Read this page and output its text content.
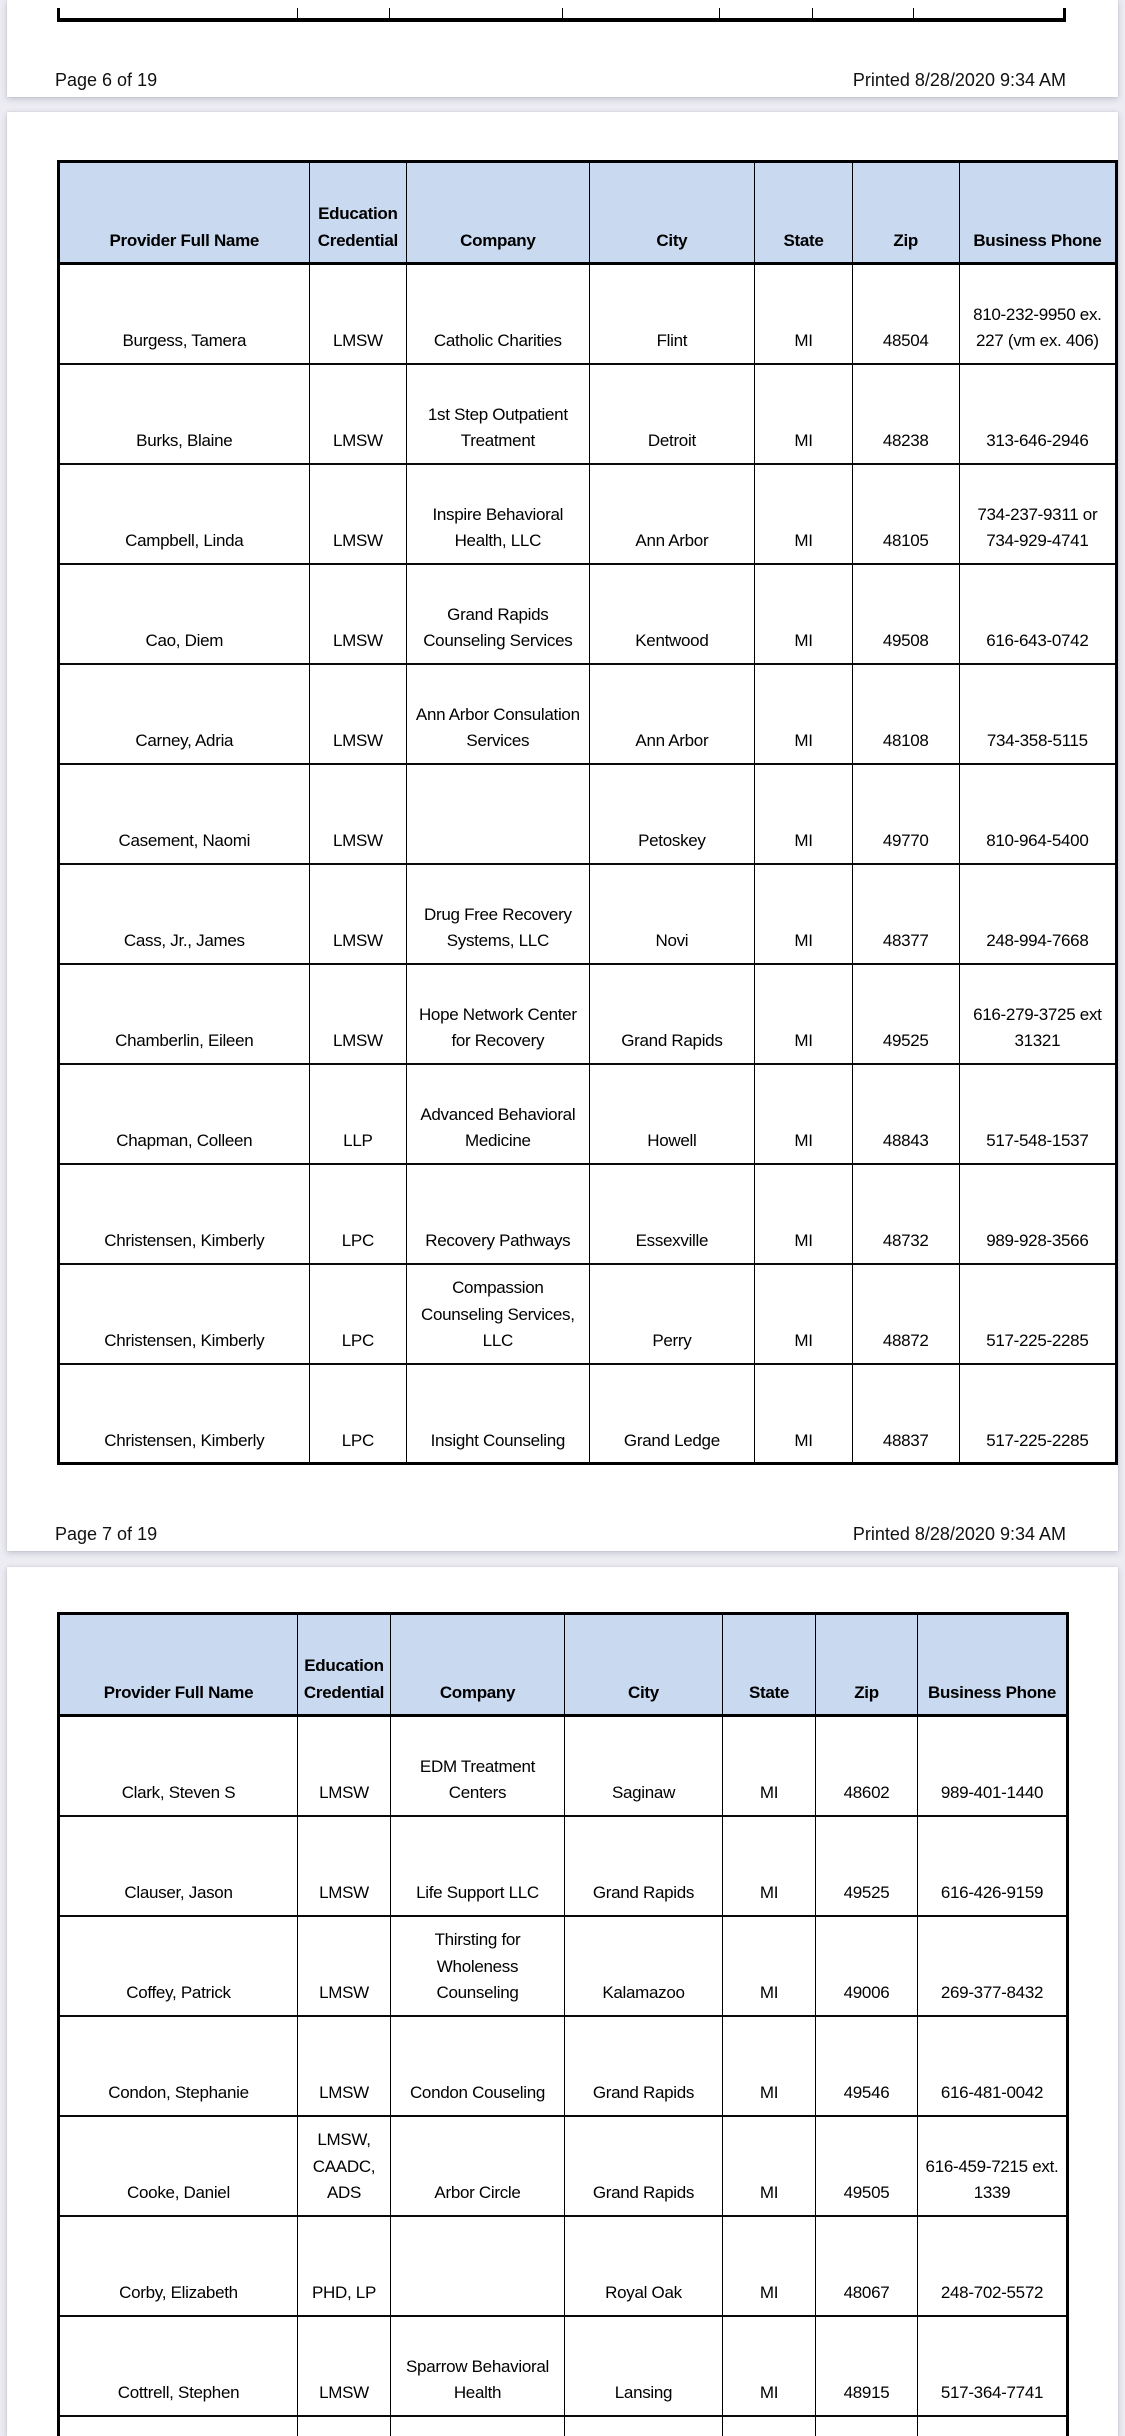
Page 6 of 19	Printed 8/28/2020 9:34 AM
Provider Full Name	Education Credential	Company	City	State	Zip	Business Phone
Burgess, Tamera	LMSW	Catholic Charities	Flint	MI	48504	810-232-9950 ex. 227 (vm ex. 406)
Burks, Blaine	LMSW	1st Step Outpatient Treatment	Detroit	MI	48238	313-646-2946
Campbell, Linda	LMSW	Inspire Behavioral Health, LLC	Ann Arbor	MI	48105	734-237-9311 or 734-929-4741
Cao, Diem	LMSW	Grand Rapids Counseling Services	Kentwood	MI	49508	616-643-0742
Carney, Adria	LMSW	Ann Arbor Consulation Services	Ann Arbor	MI	48108	734-358-5115
Casement, Naomi	LMSW		Petoskey	MI	49770	810-964-5400
Cass, Jr., James	LMSW	Drug Free Recovery Systems, LLC	Novi	MI	48377	248-994-7668
Chamberlin, Eileen	LMSW	Hope Network Center for Recovery	Grand Rapids	MI	49525	616-279-3725 ext 31321
Chapman, Colleen	LLP	Advanced Behavioral Medicine	Howell	MI	48843	517-548-1537
Christensen, Kimberly	LPC	Recovery Pathways	Essexville	MI	48732	989-928-3566
Christensen, Kimberly	LPC	Compassion Counseling Services, LLC	Perry	MI	48872	517-225-2285
Christensen, Kimberly	LPC	Insight Counseling	Grand Ledge	MI	48837	517-225-2285
Page 7 of 19	Printed 8/28/2020 9:34 AM
Provider Full Name	Education Credential	Company	City	State	Zip	Business Phone
Clark, Steven S	LMSW	EDM Treatment Centers	Saginaw	MI	48602	989-401-1440
Clauser, Jason	LMSW	Life Support LLC	Grand Rapids	MI	49525	616-426-9159
Coffey, Patrick	LMSW	Thirsting for Wholeness Counseling	Kalamazoo	MI	49006	269-377-8432
Condon, Stephanie	LMSW	Condon Couseling	Grand Rapids	MI	49546	616-481-0042
Cooke, Daniel	LMSW, CAADC, ADS	Arbor Circle	Grand Rapids	MI	49505	616-459-7215 ext. 1339
Corby, Elizabeth	PHD, LP		Royal Oak	MI	48067	248-702-5572
Cottrell, Stephen	LMSW	Sparrow Behavioral Health	Lansing	MI	48915	517-364-7741
